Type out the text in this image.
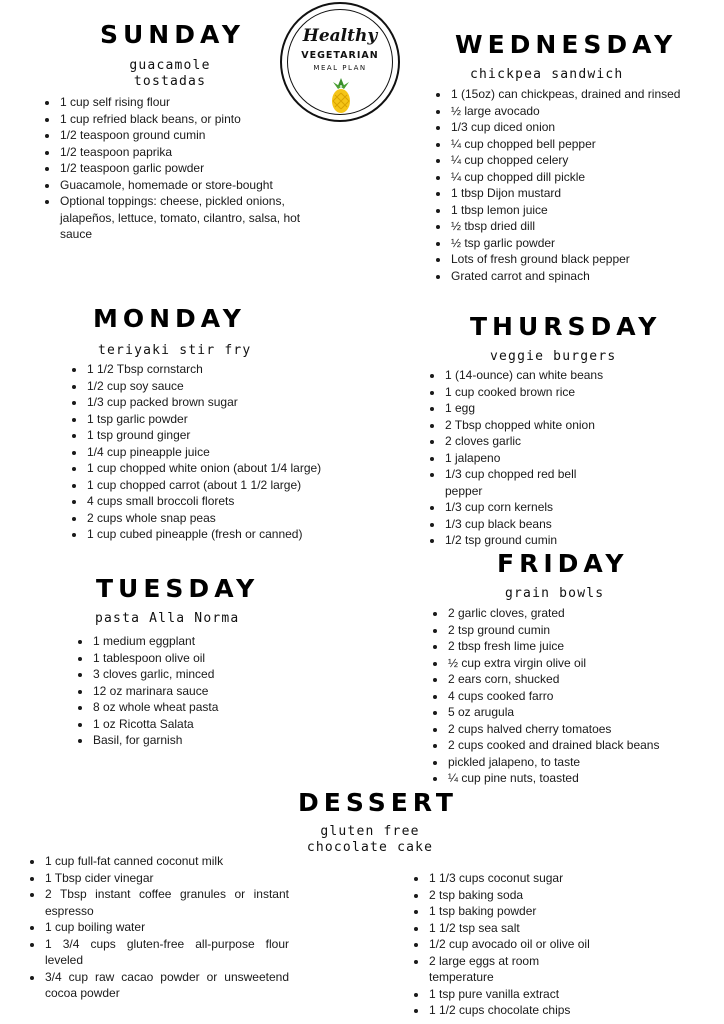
Healthy
VEGETARIAN
MEAL PLAN
SUNDAY
guacamole
tostadas
• 1 cup self rising flour
• 1 cup refried black beans, or pinto
• 1/2 teaspoon ground cumin
• 1/2 teaspoon paprika
• 1/2 teaspoon garlic powder
• Guacamole, homemade or store-bought
• Optional toppings: cheese, pickled onions, jalapeños, lettuce, tomato, cilantro, salsa, hot sauce
WEDNESDAY
chickpea sandwich
• 1 (15oz) can chickpeas, drained and rinsed
• ½ large avocado
• 1/3 cup diced onion
• ¼ cup chopped bell pepper
• ¼ cup chopped celery
• ¼ cup chopped dill pickle
• 1 tbsp Dijon mustard
• 1 tbsp lemon juice
• ½ tbsp dried dill
• ½ tsp garlic powder
• Lots of fresh ground black pepper
• Grated carrot and spinach
MONDAY
teriyaki stir fry
• 1 1/2 Tbsp cornstarch
• 1/2 cup soy sauce
• 1/3 cup packed brown sugar
• 1 tsp garlic powder
• 1 tsp ground ginger
• 1/4 cup pineapple juice
• 1 cup chopped white onion (about 1/4 large)
• 1 cup chopped carrot (about 1 1/2 large)
• 4 cups small broccoli florets
• 2 cups whole snap peas
• 1 cup cubed pineapple (fresh or canned)
THURSDAY
veggie burgers
• 1 (14-ounce) can white beans
• 1 cup cooked brown rice
• 1 egg
• 2 Tbsp chopped white onion
• 2 cloves garlic
• 1 jalapeno
• 1/3 cup chopped red bell pepper
• 1/3 cup corn kernels
• 1/3 cup black beans
• 1/2 tsp ground cumin
TUESDAY
pasta Alla Norma
• 1 medium eggplant
• 1 tablespoon olive oil
• 3 cloves garlic, minced
• 12 oz marinara sauce
• 8 oz whole wheat pasta
• 1 oz Ricotta Salata
• Basil, for garnish
FRIDAY
grain bowls
• 2 garlic cloves, grated
• 2 tsp ground cumin
• 2 tbsp fresh lime juice
• ½ cup extra virgin olive oil
• 2 ears corn, shucked
• 4 cups cooked farro
• 5 oz arugula
• 2 cups halved cherry tomatoes
• 2 cups cooked and drained black beans
• pickled jalapeno, to taste
• ¼ cup pine nuts, toasted
DESSERT
gluten free
chocolate cake
• 1 cup full-fat canned coconut milk
• 1 Tbsp cider vinegar
• 2 Tbsp instant coffee granules or instant espresso
• 1 cup boiling water
• 1 3/4 cups gluten-free all-purpose flour leveled
• 3/4 cup raw cacao powder or unsweetend cocoa powder
• 1 1/3 cups coconut sugar
• 2 tsp baking soda
• 1 tsp baking powder
• 1 1/2 tsp sea salt
• 1/2 cup avocado oil or olive oil
• 2 large eggs at room temperature
• 1 tsp pure vanilla extract
• 1 1/2 cups chocolate chips
